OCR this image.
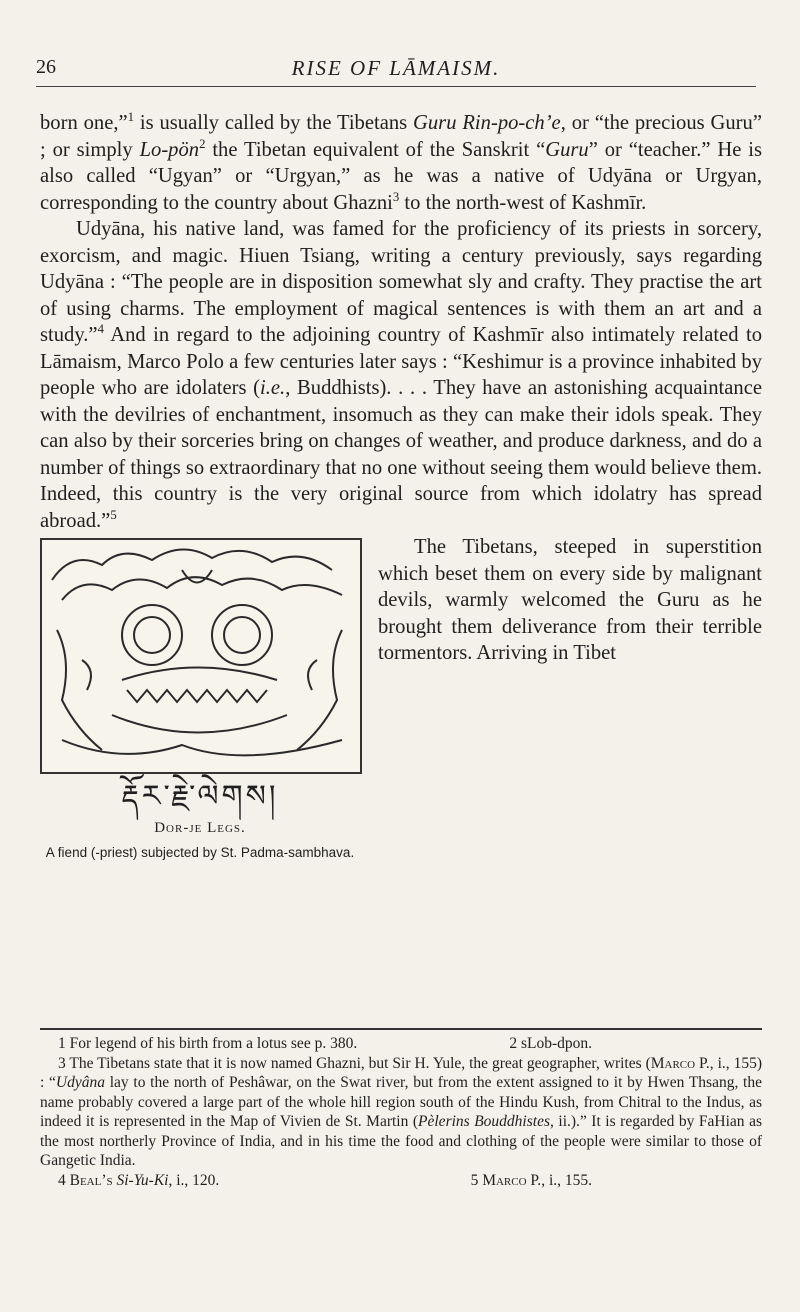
26	RISE OF LĀMAISM.

born one,”$^1$ is usually called by the Tibetans Guru Rin-po-ch’e, or “the precious Guru” ; or simply Lo-pön$^2$ the Tibetan equivalent of the Sanskrit “Guru” or “teacher.” He is also called “Ugyan” or “Urgyan,” as he was a native of Udyāna or Urgyan, corresponding to the country about Ghazni$^3$ to the north-west of Kashmīr.

Udyāna, his native land, was famed for the proficiency of its priests in sorcery, exorcism, and magic. Hiuen Tsiang, writing a century previously, says regarding Udyāna : “The people are in disposition somewhat sly and crafty. They practise the art of using charms. The employment of magical sentences is with them an art and a study.”$^4$ And in regard to the adjoining country of Kashmīr also intimately related to Lāmaism, Marco Polo a few centuries later says : “Keshimur is a province inhabited by people who are idolaters (i.e., Buddhists). . . . They have an astonishing acquaintance with the devilries of enchantment, insomuch as they can make their idols speak. They can also by their sorceries bring on changes of weather, and produce darkness, and do a number of things so extraordinary that no one without seeing them would believe them. Indeed, this country is the very original source from which idolatry has spread abroad.”$^5$

རྡོར་རྗེ་ལེགས།
Dor-je Legs.
A fiend (-priest) subjected by St. Padma-sambhava.

The Tibetans, steeped in superstition which beset them on every side by malignant devils, warmly welcomed the Guru as he brought them deliverance from their terrible tormentors. Arriving in Tibet

1 For legend of his birth from a lotus see p. 380.	2 sLob-dpon.

3 The Tibetans state that it is now named Ghazni, but Sir H. Yule, the great geographer, writes (Marco P., i., 155) : “Udyâna lay to the north of Peshâwar, on the Swat river, but from the extent assigned to it by Hwen Thsang, the name probably covered a large part of the whole hill region south of the Hindu Kush, from Chitral to the Indus, as indeed it is represented in the Map of Vivien de St. Martin (Pèlerins Bouddhistes, ii.).” It is regarded by FaHian as the most northerly Province of India, and in his time the food and clothing of the people were similar to those of Gangetic India.

4 Beal’s Si-Yu-Ki, i., 120.	5 Marco P., i., 155.
